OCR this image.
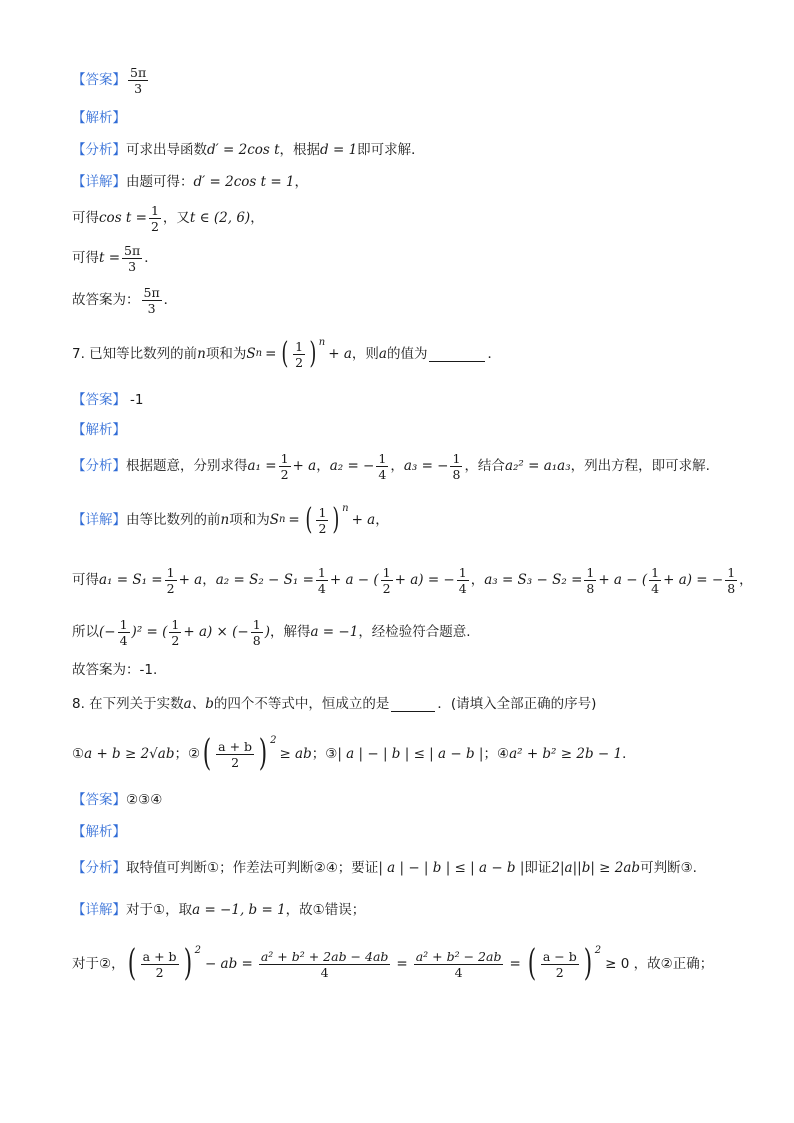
【答案】 $\frac{5\pi}{3}$
【解析】
【分析】 可求出导函数 d′ = 2cos t ，根据 d = 1 即可求解．
【详解】 由题可得： d′ = 2cos t = 1 ，
可得 $\cos t = \frac{1}{2}$ ，又 t ∈ (2, 6) ，
可得 $t = \frac{5\pi}{3}$ ．
故答案为： $\frac{5\pi}{3}$ ．
7. 已知等比数列的前 n 项和为 S n = ( $\frac{1}{2}$ ) n
+ a ，则 a 的值为	．
【答案】 -1
【解析】
【分析】 根据题意，分别求得 $a_1 = \frac{1}{2} + a$ ， a₂ = − $\frac{1}{4}$ ， a₃ = − $\frac{1}{8}$ ，结合 a₂² = a₁a₃ ，列出方程，即可求解.
【详解】 由等比数列的前 n 项和为 S n = ( $\frac{1}{2}$ ) n
+ a ，
可得 $a_1 = S_1 = \frac{1}{2} + a$ ， $a_2 = S_2 - S_1 = \frac{1}{4} + a$ − ( $\frac{1}{2} + a$) = − $\frac{1}{4}$ ， $a_3 = S_3 - S_2 = \frac{1}{8} + a$ − ( $\frac{1}{4} + a$) = − $\frac{1}{8}$ ，
所以 (− $\frac{1}{4} )^2$ = ( $\frac{1}{2} + a$) × (− $\frac{1}{8}$ ) ，解得 a = −1 ，经检验符合题意.
故答案为：-1.
8. 在下列关于实数 a、b 的四个不等式中，恒成立的是	．(请填入全部正确的序号)
① a + b ≥ 2√ab ；② ( $\frac{a + b}{2}$ ) 2
≥ ab ；③ | a | − | b | ≤ | a − b | ；④ a² + b² ≥ 2b − 1 ．
【答案】 ②③④
【解析】
【分析】 取特值可判断①；作差法可判断②④；要证 | a | − | b | ≤ | a − b | 即证 2|a||b| ≥ 2ab 可判断③.
【详解】 对于①，取 a = −1, b = 1 ，故①错误；
对于②， ( $\frac{a + b}{2}$ ) 2
− ab = $\frac{\text{a² + b² + 2ab − 4ab}}{4} = \frac{\text{a² + b² − 2ab}}{4}$ = ( $\frac{a - b}{2}$ ) 2
≥ 0 ，故②正确；
